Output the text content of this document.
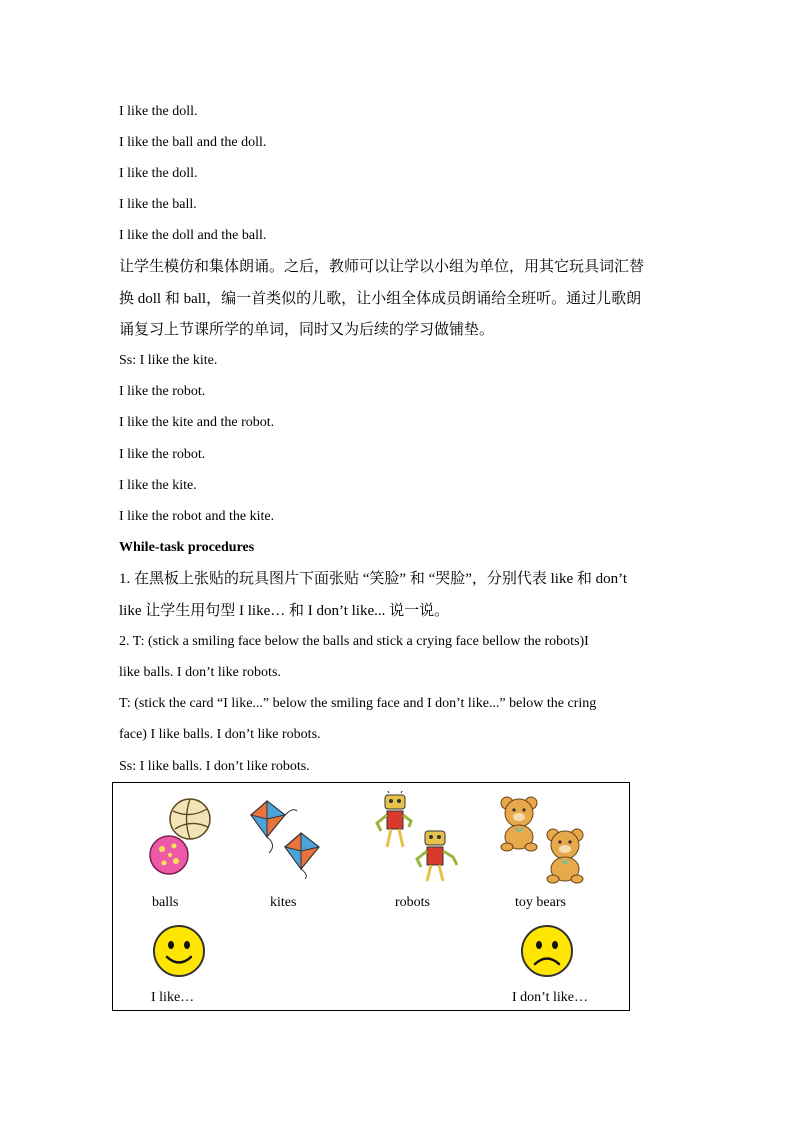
I like the doll.
I like the ball and the doll.
I like the doll.
I like the ball.
I like the doll and the ball.
让学生模仿和集体朗诵。之后，教师可以让学以小组为单位，用其它玩具词汇替
换 doll 和 ball，编一首类似的儿歌，让小组全体成员朗诵给全班听。通过儿歌朗
诵复习上节课所学的单词，同时又为后续的学习做铺垫。
Ss: I like the kite.
I like the robot.
I like the kite and the robot.
I like the robot.
I like the kite.
I like the robot and the kite.
While-task procedures
1. 在黑板上张贴的玩具图片下面张贴 “笑脸” 和 “哭脸”，分别代表 like 和 don’t
like 让学生用句型 I like… 和 I don’t like... 说一说。
2. T: (stick a smiling face below the balls and stick a crying face bellow the robots)I
like balls. I don’t like robots.
T: (stick the card “I like...” below the smiling face and I don’t like...” below the cring
face) I like balls. I don’t like robots.
Ss: I like balls. I don’t like robots.
balls	kites	robots	toy bears
I like…	I don’t like…
